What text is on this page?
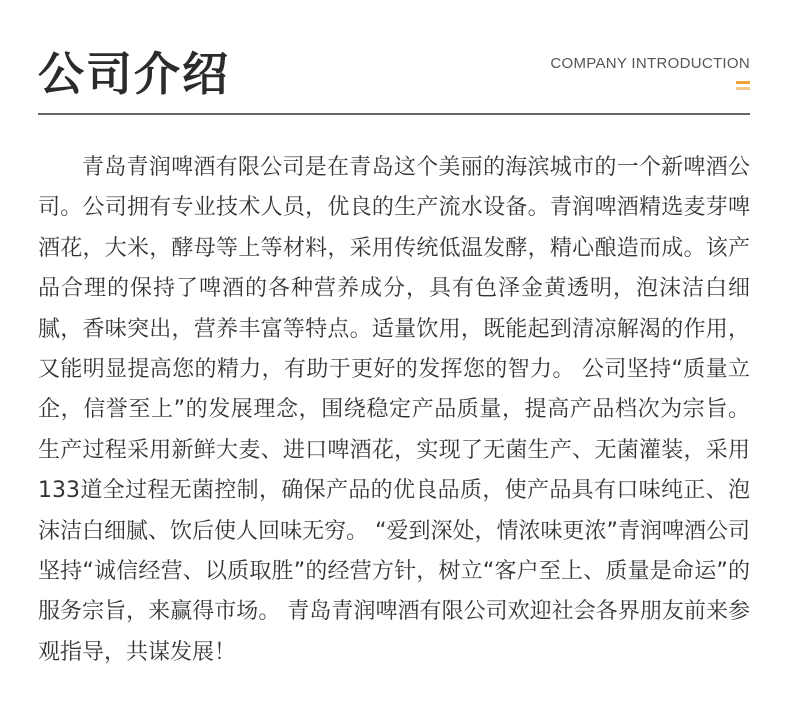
公司介绍	COMPANY INTRODUCTION

青岛青润啤酒有限公司是在青岛这个美丽的海滨城市的一个新啤酒公司。公司拥有专业技术人员，优良的生产流水设备。青润啤酒精选麦芽啤酒花，大米，酵母等上等材料，采用传统低温发酵，精心酿造而成。该产品合理的保持了啤酒的各种营养成分，具有色泽金黄透明，泡沫洁白细腻，香味突出，营养丰富等特点。适量饮用，既能起到清凉解渴的作用，又能明显提高您的精力，有助于更好的发挥您的智力。 公司坚持“质量立企，信誉至上”的发展理念，围绕稳定产品质量，提高产品档次为宗旨。生产过程采用新鲜大麦、进口啤酒花，实现了无菌生产、无菌灌装，采用133道全过程无菌控制，确保产品的优良品质，使产品具有口味纯正、泡沫洁白细腻、饮后使人回味无穷。 “爱到深处，情浓味更浓”青润啤酒公司坚持“诚信经营、以质取胜”的经营方针，树立“客户至上、质量是命运”的服务宗旨，来赢得市场。 青岛青润啤酒有限公司欢迎社会各界朋友前来参观指导，共谋发展！
